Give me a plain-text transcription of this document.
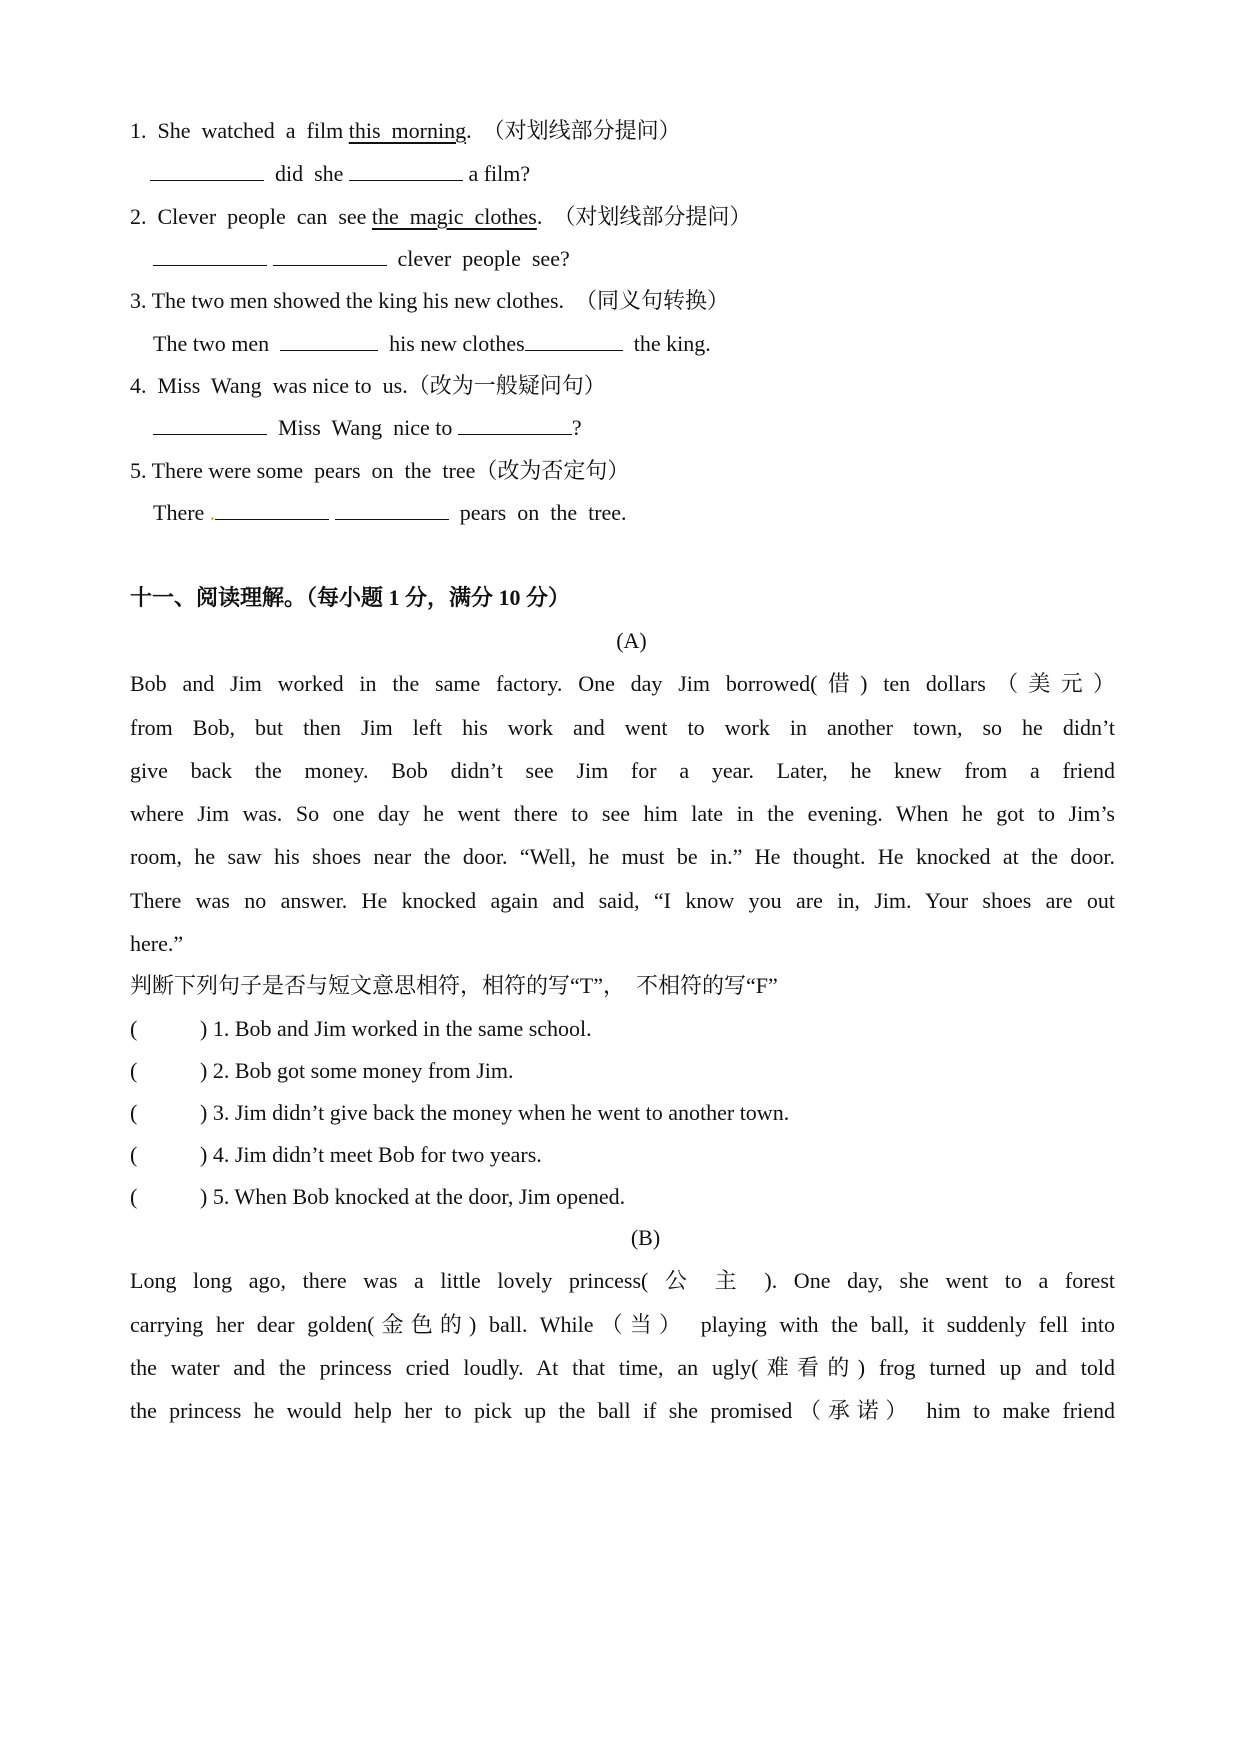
1. She  watched  a  film this  morning. （对划线部分提问）
did  she	a film?
2. Clever  people  can  see the  magic  clothes. （对划线部分提问）
clever  people  see?
3. The two men showed the king his new clothes. （同义句转换）
The two men	his new clothes	the king.
4. Miss  Wang  was nice to  us.（改为一般疑问句）
Miss  Wang  nice to	?
5. There were some  pears  on  the  tree（改为否定句）
There .	pears  on  the  tree.
十一、阅读理解。（每小题 1 分，满分 10 分）
(A)
Bob and Jim worked in the same factory. One day Jim borrowed(借) ten dollars（美元）
from Bob, but then Jim left his work and went to work in another town, so he didn’t
give back the money. Bob didn’t see Jim for a year. Later, he knew from a friend
where Jim was. So one day he went there to see him late in the evening. When he got to Jim’s
room, he saw his shoes near the door. “Well, he must be in.” He thought. He knocked at the door.
There was no answer. He knocked again and said, “I know you are in, Jim. Your shoes are out
here.”
判断下列句子是否与短文意思相符，相符的写“T”，  不相符的写“F”
(	) 1. Bob and Jim worked in the same school.
(	) 2. Bob got some money from Jim.
(	) 3. Jim didn’t give back the money when he went to another town.
(	) 4. Jim didn’t meet Bob for two years.
(	) 5. When Bob knocked at the door, Jim opened.
(B)
Long long ago, there was a little lovely princess( 公 主 ). One day, she went to a forest
carrying her dear golden(金色的) ball. While（当） playing with the ball, it suddenly fell into
the water and the princess cried loudly. At that time, an ugly(难看的) frog turned up and told
the princess he would help her to pick up the ball if she promised（承诺） him to make friend
